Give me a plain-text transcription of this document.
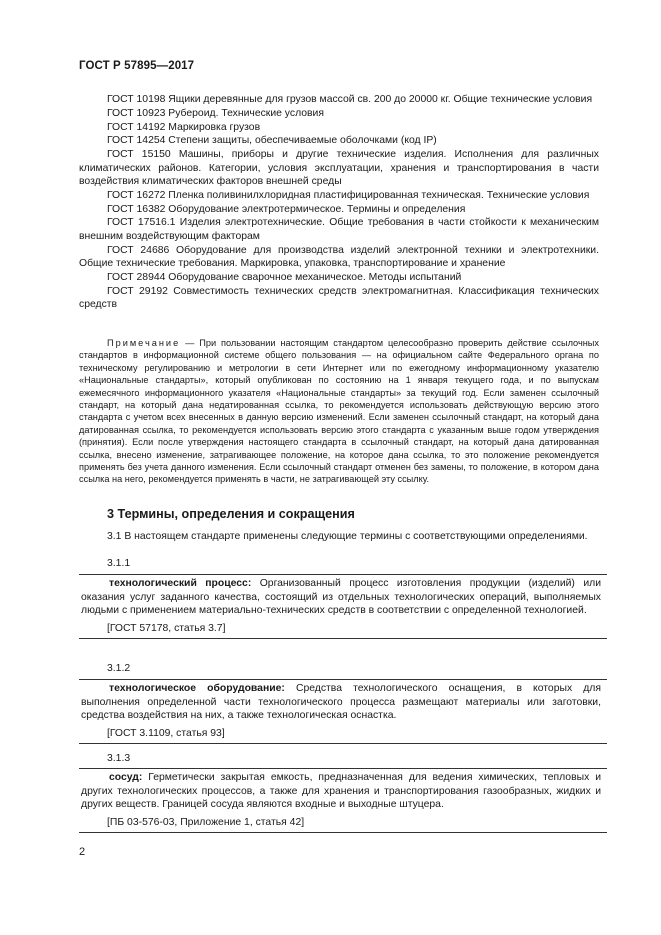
ГОСТ Р 57895—2017

ГОСТ 10198 Ящики деревянные для грузов массой св. 200 до 20000 кг. Общие технические условия

ГОСТ 10923 Рубероид. Технические условия

ГОСТ 14192 Маркировка грузов

ГОСТ 14254 Степени защиты, обеспечиваемые оболочками (код IP)

ГОСТ 15150 Машины, приборы и другие технические изделия. Исполнения для различных климатических районов. Категории, условия эксплуатации, хранения и транспортирования в части воздействия климатических факторов внешней среды

ГОСТ 16272 Пленка поливинилхлоридная пластифицированная техническая. Технические условия

ГОСТ 16382 Оборудование электротермическое. Термины и определения

ГОСТ 17516.1 Изделия электротехнические. Общие требования в части стойкости к механическим внешним воздействующим факторам

ГОСТ 24686 Оборудование для производства изделий электронной техники и электротехники. Общие технические требования. Маркировка, упаковка, транспортирование и хранение

ГОСТ 28944 Оборудование сварочное механическое. Методы испытаний

ГОСТ 29192 Совместимость технических средств электромагнитная. Классификация технических средств

Примечание — При пользовании настоящим стандартом целесообразно проверить действие ссылочных стандартов в информационной системе общего пользования — на официальном сайте Федерального органа по техническому регулированию и метрологии в сети Интернет или по ежегодному информационному указателю «Национальные стандарты», который опубликован по состоянию на 1 января текущего года, и по выпускам ежемесячного информационного указателя «Национальные стандарты» за текущий год. Если заменен ссылочный стандарт, на который дана недатированная ссылка, то рекомендуется использовать действующую версию этого стандарта с учетом всех внесенных в данную версию изменений. Если заменен ссылочный стандарт, на который дана датированная ссылка, то рекомендуется использовать версию этого стандарта с указанным выше годом утверждения (принятия). Если после утверждения настоящего стандарта в ссылочный стандарт, на который дана датированная ссылка, внесено изменение, затрагивающее положение, на которое дана ссылка, то это положение рекомендуется применять без учета данного изменения. Если ссылочный стандарт отменен без замены, то положение, в котором дана ссылка на него, рекомендуется применять в части, не затрагивающей эту ссылку.
3 Термины, определения и сокращения
3.1 В настоящем стандарте применены следующие термины с соответствующими определениями.
3.1.1
технологический процесс: Организованный процесс изготовления продукции (изделий) или оказания услуг заданного качества, состоящий из отдельных технологических операций, выполняемых людьми с применением материально-технических средств в соответствии с определенной технологией.
[ГОСТ 57178, статья 3.7]
3.1.2
технологическое оборудование: Средства технологического оснащения, в которых для выполнения определенной части технологического процесса размещают материалы или заготовки, средства воздействия на них, а также технологическая оснастка.
[ГОСТ 3.1109, статья 93]
3.1.3
сосуд: Герметически закрытая емкость, предназначенная для ведения химических, тепловых и других технологических процессов, а также для хранения и транспортирования газообразных, жидких и других веществ. Границей сосуда являются входные и выходные штуцера.
[ПБ 03-576-03, Приложение 1, статья 42]
2
